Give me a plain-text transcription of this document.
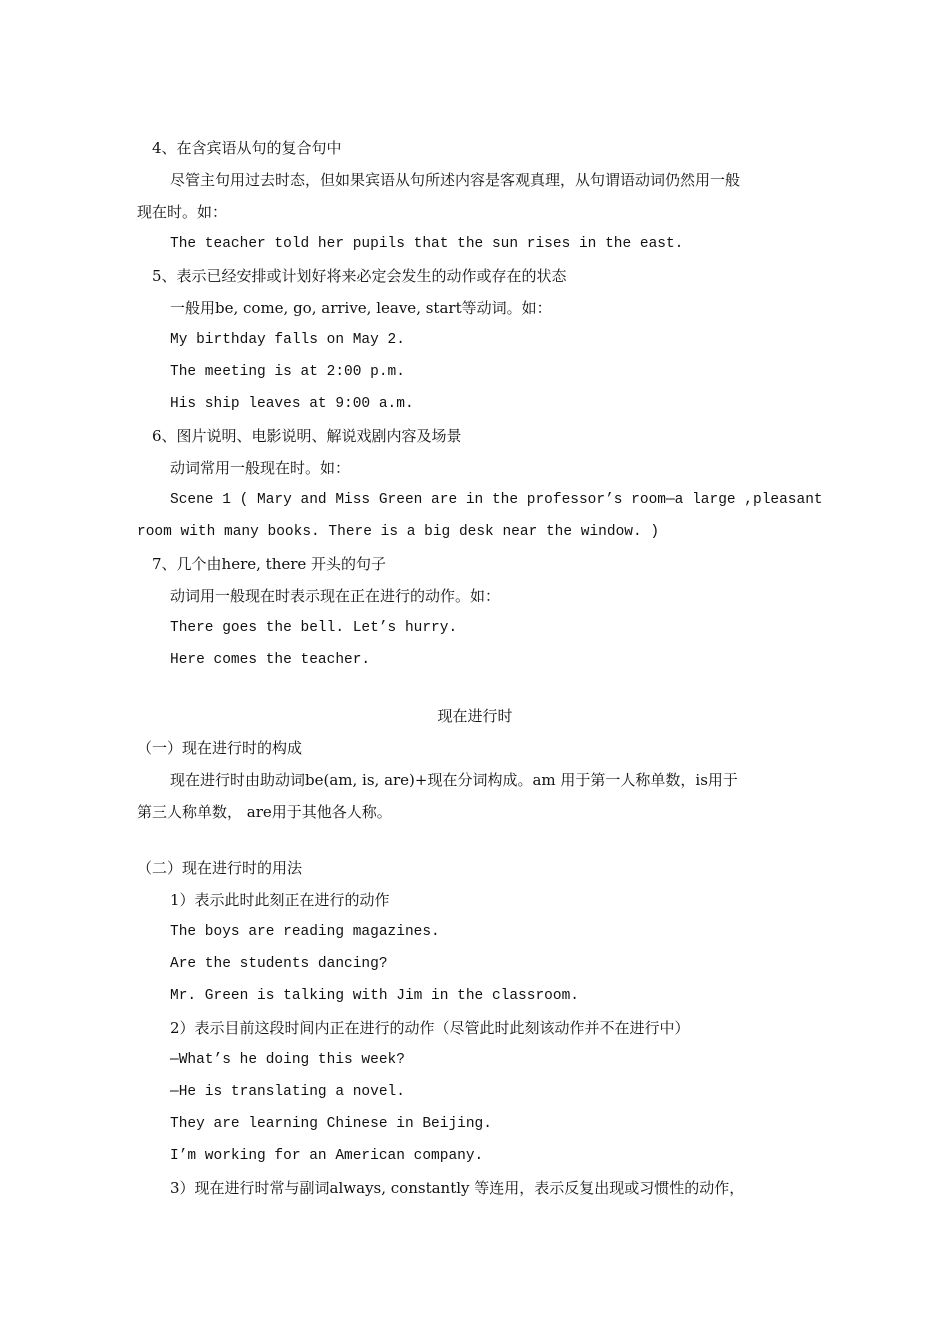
4、在含宾语从句的复合句中
尽管主句用过去时态，但如果宾语从句所述内容是客观真理，从句谓语动词仍然用一般
现在时。如：
The teacher told her pupils that the sun rises in the east.
5、表示已经安排或计划好将来必定会发生的动作或存在的状态
一般用be, come, go, arrive, leave, start等动词。如：
My birthday falls on May 2.
The meeting is at 2:00 p.m.
His ship leaves at 9:00 a.m.
6、图片说明、电影说明、解说戏剧内容及场景
动词常用一般现在时。如：
Scene 1 ( Mary and Miss Green are in the professor’s room—a large ,pleasant
room with many books. There is a big desk near the window. )
7、几个由here, there 开头的句子
动词用一般现在时表示现在正在进行的动作。如：
There goes the bell. Let’s hurry.
Here comes the teacher.
现在进行时
（一）现在进行时的构成
现在进行时由助动词be(am, is, are)+现在分词构成。am 用于第一人称单数，is用于
第三人称单数， are用于其他各人称。
（二）现在进行时的用法
1）表示此时此刻正在进行的动作
The boys are reading magazines.
Are the students dancing?
Mr. Green is talking with Jim in the classroom.
2）表示目前这段时间内正在进行的动作（尽管此时此刻该动作并不在进行中）
—What’s he doing this week?
—He is translating a novel.
They are learning Chinese in Beijing.
I’m working for an American company.
3）现在进行时常与副词always, constantly 等连用，表示反复出现或习惯性的动作，
